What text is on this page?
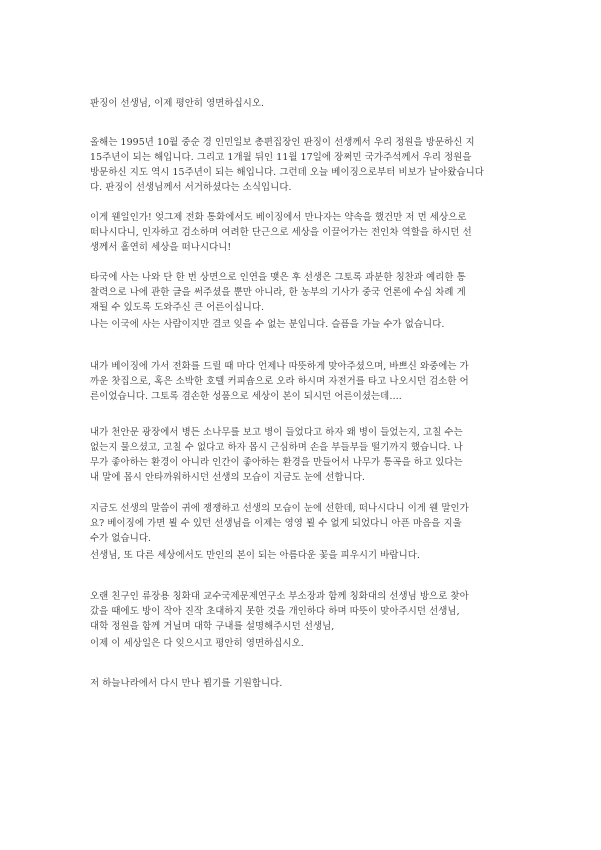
판징이 선생님, 이제 평안히 영면하십시오.
올해는 1995년 10월 중순 경 인민일보 총편집장인 판징이 선생께서 우리 정원을 방문하신 지
15주년이 되는 해입니다. 그리고 1개월 뒤인 11월 17일에 장쩌민 국가주석께서 우리 정원을
방문하신 지도 역시 15주년이 되는 해입니다. 그런데 오늘 베이징으로부터 비보가 날아왔습니다
다. 판징이 선생님께서 서거하셨다는 소식입니다.
이게 웬일인가! 엊그제 전화 통화에서도 베이징에서 만나자는 약속을 했건만 저 먼 세상으로
떠나시다니, 인자하고 검소하며 여려한 단근으로 세상을 이끌어가는 전인차 역할을 하시던 선
생께서 홀연히 세상을 떠나시다니!
타국에 사는 나와 단 한 번 상면으로 인연을 맺은 후 선생은 그토록 과분한 칭찬과 예리한 통
찰력으로 나에 관한 글을 써주셨을 뿐만 아니라, 한 농부의 기사가 중국 언론에 수십 차례 게
재될 수 있도록 도와주신 큰 어른이십니다.
나는 이국에 사는 사람이지만 결코 잊을 수 없는 분입니다. 슬픔을 가늘 수가 없습니다.
내가 베이징에 가서 전화를 드릴 때 마다 언제나 따뜻하게 맞아주셨으며, 바쁘신 와중에는 가
까운 찻집으로, 혹은 소박한 호텔 커피숍으로 오라 하시며 자전거를 타고 나오시던 검소한 어
른이었습니다. 그토록 겸손한 성품으로 세상이 본이 되시던 어른이셨는데….
내가 천안문 광장에서 병든 소나무를 보고 병이 들었다고 하자 왜 병이 들었는지, 고칠 수는
없는지 물으셨고, 고칠 수 없다고 하자 몹시 근심하며 손을 부들부들 떨기까지 했습니다. 나
무가 좋아하는 환경이 아니라 인간이 좋아하는 환경을 만들어서 나무가 통곡을 하고 있다는
내 말에 몹시 안타까워하시던 선생의 모습이 지금도 눈에 선합니다.
지금도 선생의 말씀이 귀에 쟁쟁하고 선생의 모습이 눈에 선한데, 떠나시다니 이게 웬 말인가
요? 베이징에 가면 뵐 수 있던 선생님을 이제는 영영 뵐 수 없게 되었다니 아픈 마음을 지울
수가 없습니다.
선생님, 또 다른 세상에서도 만인의 본이 되는 아름다운 꽃을 피우시기 바랍니다.
오랜 친구인 류장용 칭화대 교수국제문제연구소 부소장과 함께 칭화대의 선생님 방으로 찾아
갔을 때에도 방이 작아 진작 초대하지 못한 것을 개인하다 하며 따뜻이 맞아주시던 선생님,
대학 정원을 함께 거닐며 대학 구내를 설명해주시던 선생님,
이제 이 세상일은 다 잊으시고 평안히 영면하십시오.
저 하늘나라에서 다시 만나 뵙기를 기원합니다.
